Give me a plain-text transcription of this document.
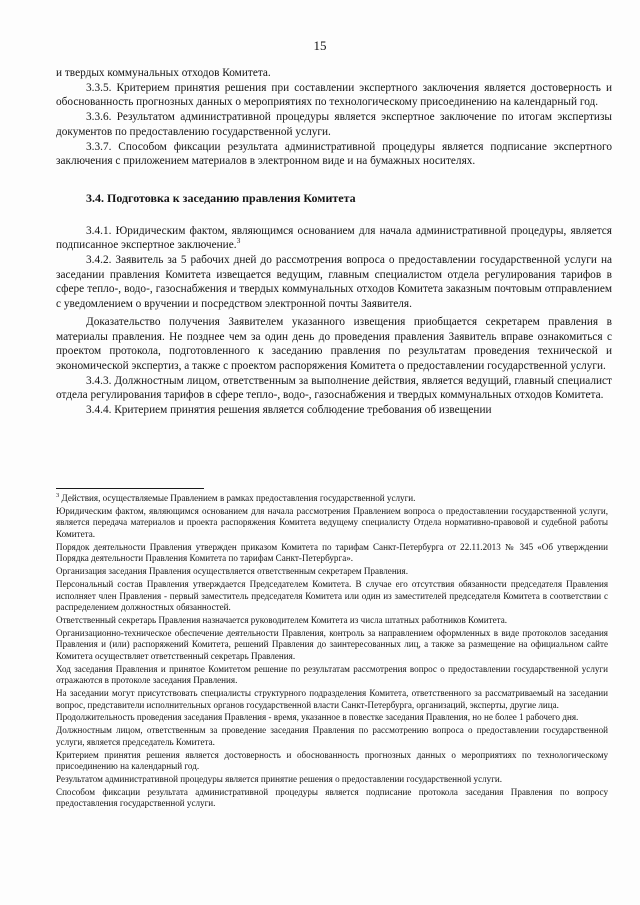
15

и твердых коммунальных отходов Комитета.

3.3.5. Критерием принятия решения при составлении экспертного заключения является достоверность и обоснованность прогнозных данных о мероприятиях по технологическому присоединению на календарный год.

3.3.6. Результатом административной процедуры является экспертное заключение по итогам экспертизы документов по предоставлению государственной услуги.

3.3.7. Способом фиксации результата административной процедуры является подписание экспертного заключения с приложением материалов в электронном виде и на бумажных носителях.

3.4. Подготовка к заседанию правления Комитета

3.4.1. Юридическим фактом, являющимся основанием для начала административной процедуры, является подписанное экспертное заключение.$^3$

3.4.2. Заявитель за 5 рабочих дней до рассмотрения вопроса о предоставлении государственной услуги на заседании правления Комитета извещается ведущим, главным специалистом отдела регулирования тарифов в сфере тепло-, водо-, газоснабжения и твердых коммунальных отходов Комитета заказным почтовым отправлением с уведомлением о вручении и посредством электронной почты Заявителя.

Доказательство получения Заявителем указанного извещения приобщается секретарем правления в материалы правления. Не позднее чем за один день до проведения правления Заявитель вправе ознакомиться с проектом протокола, подготовленного к заседанию правления по результатам проведения технической и экономической экспертиз, а также с проектом распоряжения Комитета о предоставлении государственной услуги.

3.4.3. Должностным лицом, ответственным за выполнение действия, является ведущий, главный специалист отдела регулирования тарифов в сфере тепло-, водо-, газоснабжения и твердых коммунальных отходов Комитета.

3.4.4. Критерием принятия решения является соблюдение требования об извещении

$^3$ Действия, осуществляемые Правлением в рамках предоставления государственной услуги.

Юридическим фактом, являющимся основанием для начала рассмотрения Правлением вопроса о предоставлении государственной услуги, является передача материалов и проекта распоряжения Комитета ведущему специалисту Отдела нормативно-правовой и судебной работы Комитета.

Порядок деятельности Правления утвержден приказом Комитета по тарифам Санкт-Петербурга от 22.11.2013 № 345 «Об утверждении Порядка деятельности Правления Комитета по тарифам Санкт-Петербурга».

Организация заседания Правления осуществляется ответственным секретарем Правления.

Персональный состав Правления утверждается Председателем Комитета. В случае его отсутствия обязанности председателя Правления исполняет член Правления - первый заместитель председателя Комитета или один из заместителей председателя Комитета в соответствии с распределением должностных обязанностей.

Ответственный секретарь Правления назначается руководителем Комитета из числа штатных работников Комитета.

Организационно-техническое обеспечение деятельности Правления, контроль за направлением оформленных в виде протоколов заседания Правления и (или) распоряжений Комитета, решений Правления до заинтересованных лиц, а также за размещение на официальном сайте Комитета осуществляет ответственный секретарь Правления.

Ход заседания Правления и принятое Комитетом решение по результатам рассмотрения вопрос о предоставлении государственной услуги отражаются в протоколе заседания Правления.

На заседании могут присутствовать специалисты структурного подразделения Комитета, ответственного за рассматриваемый на заседании вопрос, представители исполнительных органов государственной власти Санкт-Петербурга, организаций, эксперты, другие лица.

Продолжительность проведения заседания Правления - время, указанное в повестке заседания Правления, но не более 1 рабочего дня.

Должностным лицом, ответственным за проведение заседания Правления по рассмотрению вопроса о предоставлении государственной услуги, является председатель Комитета.

Критерием принятия решения является достоверность и обоснованность прогнозных данных о мероприятиях по технологическому присоединению на календарный год.

Результатом административной процедуры является принятие решения о предоставлении государственной услуги.

Способом фиксации результата административной процедуры является подписание протокола заседания Правления по вопросу предоставления государственной услуги.
